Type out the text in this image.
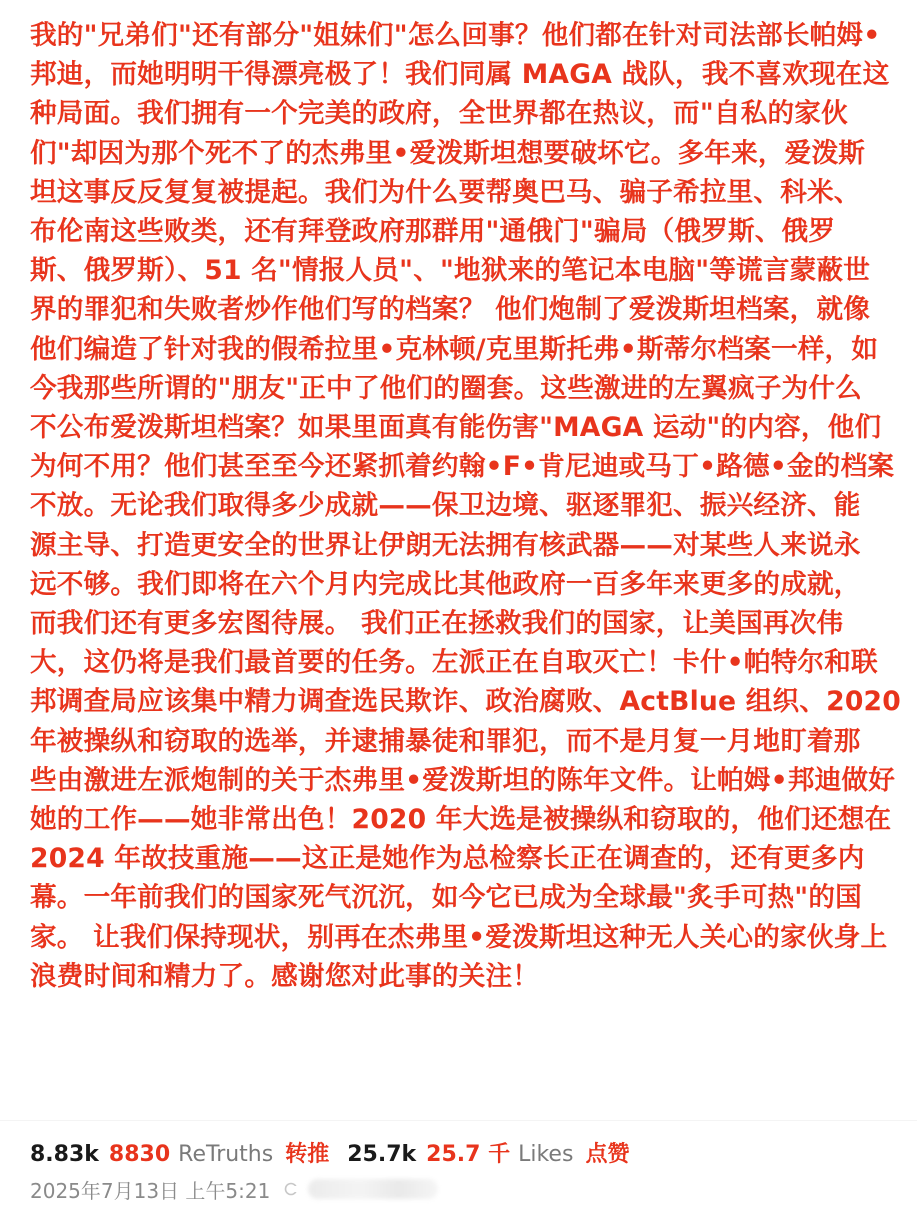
我的"兄弟们"还有部分"姐妹们"怎么回事？他们都在针对司法部长帕姆•
邦迪，而她明明干得漂亮极了！我们同属 MAGA 战队，我不喜欢现在这
种局面。我们拥有一个完美的政府，全世界都在热议，而"自私的家伙
们"却因为那个死不了的杰弗里•爱泼斯坦想要破坏它。多年来，爱泼斯
坦这事反反复复被提起。我们为什么要帮奥巴马、骗子希拉里、科米、
布伦南这些败类，还有拜登政府那群用"通俄门"骗局（俄罗斯、俄罗
斯、俄罗斯）、51 名"情报人员"、"地狱来的笔记本电脑"等谎言蒙蔽世
界的罪犯和失败者炒作他们写的档案？ 他们炮制了爱泼斯坦档案，就像
他们编造了针对我的假希拉里•克林顿/克里斯托弗•斯蒂尔档案一样，如
今我那些所谓的"朋友"正中了他们的圈套。这些激进的左翼疯子为什么
不公布爱泼斯坦档案？如果里面真有能伤害"MAGA 运动"的内容，他们
为何不用？他们甚至至今还紧抓着约翰•F•肯尼迪或马丁•路德•金的档案
不放。无论我们取得多少成就——保卫边境、驱逐罪犯、振兴经济、能
源主导、打造更安全的世界让伊朗无法拥有核武器——对某些人来说永
远不够。我们即将在六个月内完成比其他政府一百多年来更多的成就，
而我们还有更多宏图待展。 我们正在拯救我们的国家，让美国再次伟
大，这仍将是我们最首要的任务。左派正在自取灭亡！卡什•帕特尔和联
邦调查局应该集中精力调查选民欺诈、政治腐败、ActBlue 组织、2020
年被操纵和窃取的选举，并逮捕暴徒和罪犯，而不是月复一月地盯着那
些由激进左派炮制的关于杰弗里•爱泼斯坦的陈年文件。让帕姆•邦迪做好
她的工作——她非常出色！2020 年大选是被操纵和窃取的，他们还想在
2024 年故技重施——这正是她作为总检察长正在调查的，还有更多内
幕。一年前我们的国家死气沉沉，如今它已成为全球最"炙手可热"的国
家。 让我们保持现状，别再在杰弗里•爱泼斯坦这种无人关心的家伙身上
浪费时间和精力了。感谢您对此事的关注！
8.83k 8830 ReTruths 转推 25.7k 25.7 千 Likes 点赞
2025年7月13日 上午5:21
